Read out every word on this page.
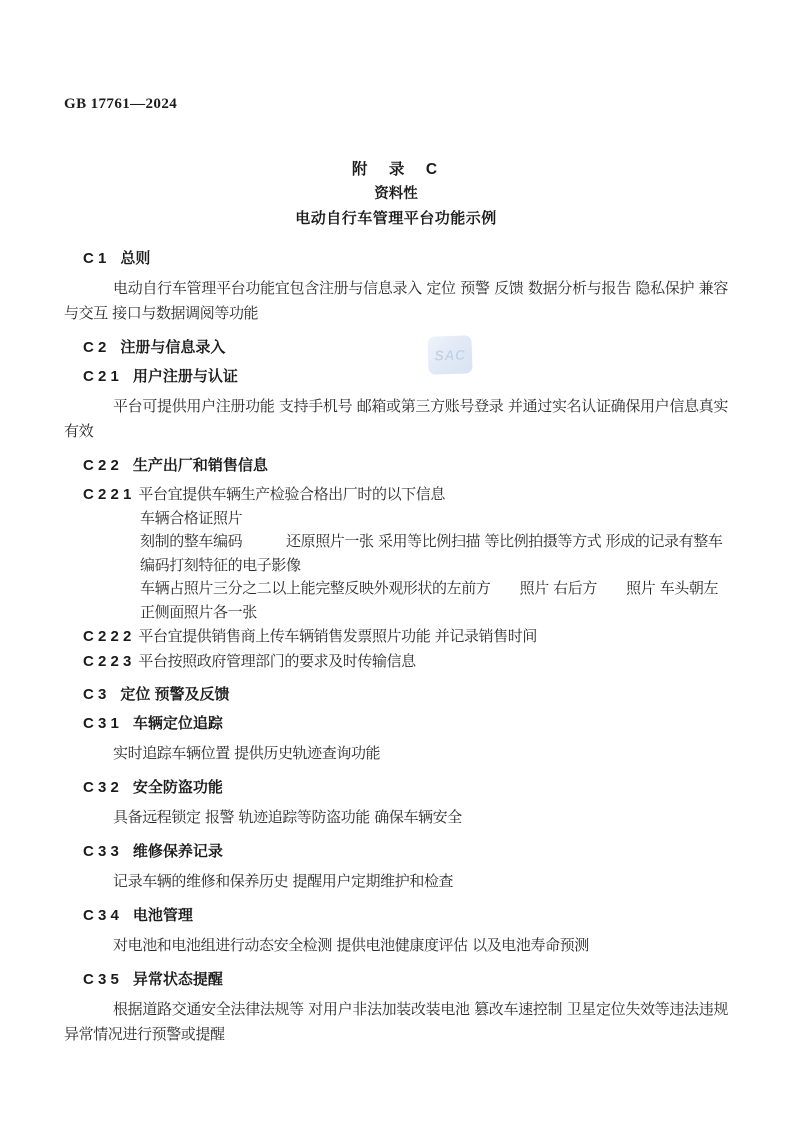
GB 17761—2024
附　录　C
资料性
电动自行车管理平台功能示例
C 1 总则
电动自行车管理平台功能宜包含注册与信息录入 定位 预警 反馈 数据分析与报告 隐私保护 兼容与交互 接口与数据调阅等功能
C 2 注册与信息录入
C 2 1 用户注册与认证
平台可提供用户注册功能 支持手机号 邮箱或第三方账号登录 并通过实名认证确保用户信息真实有效
C 2 2 生产出厂和销售信息
C 2 2 1 平台宜提供车辆生产检验合格出厂时的以下信息
车辆合格证照片
刻制的整车编码　　　还原照片一张 采用等比例扫描 等比例拍摄等方式 形成的记录有整车编码打刻特征的电子影像
车辆占照片三分之二以上能完整反映外观形状的左前方　　照片 右后方　　照片 车头朝左正侧面照片各一张
C 2 2 2 平台宜提供销售商上传车辆销售发票照片功能 并记录销售时间
C 2 2 3 平台按照政府管理部门的要求及时传输信息
C 3 定位 预警及反馈
C 3 1 车辆定位追踪
实时追踪车辆位置 提供历史轨迹查询功能
C 3 2 安全防盗功能
具备远程锁定 报警 轨迹追踪等防盗功能 确保车辆安全
C 3 3 维修保养记录
记录车辆的维修和保养历史 提醒用户定期维护和检查
C 3 4 电池管理
对电池和电池组进行动态安全检测 提供电池健康度评估 以及电池寿命预测
C 3 5 异常状态提醒
根据道路交通安全法律法规等 对用户非法加装改装电池 篡改车速控制 卫星定位失效等违法违规异常情况进行预警或提醒
SAC
